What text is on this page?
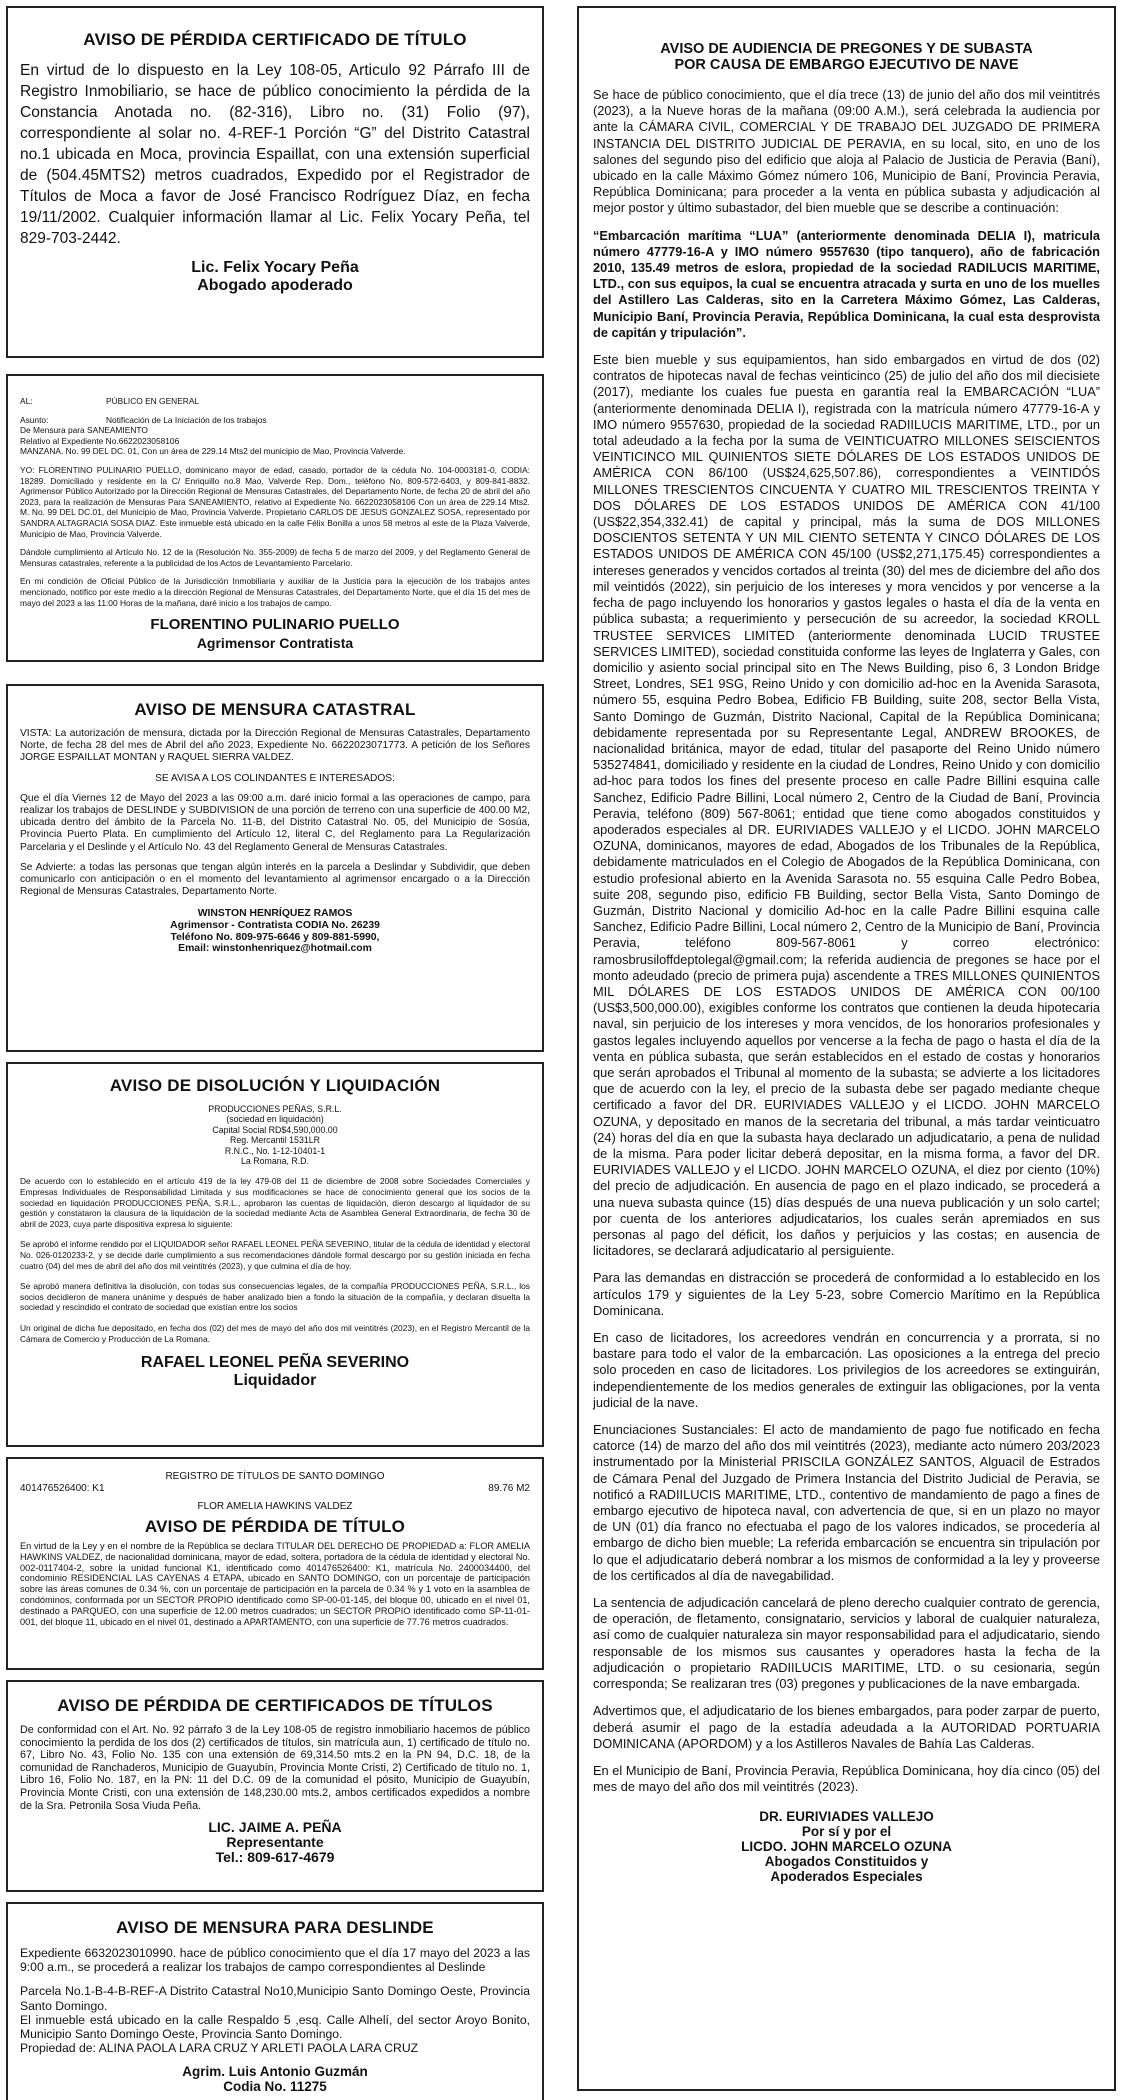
AVISO DE PÉRDIDA CERTIFICADO DE TÍTULO

En virtud de lo dispuesto en la Ley 108-05, Articulo 92 Párrafo III de Registro Inmobiliario, se hace de público conocimiento la pérdida de la Constancia Anotada no. (82-316), Libro no. (31) Folio (97), correspondiente al solar no. 4-REF-1 Porción “G” del Distrito Catastral no.1 ubicada en Moca, provincia Espaillat, con una extensión superficial de (504.45MTS2) metros cuadrados, Expedido por el Registrador de Títulos de Moca a favor de José Francisco Rodríguez Díaz, en fecha 19/11/2002. Cualquier información llamar al Lic. Felix Yocary Peña, tel 829-703-2442.

Lic. Felix Yocary Peña
Abogado apoderado
AL:	PÚBLICO EN GENERAL
Asunto:	Notificación de La Iniciación de los trabajos
De Mensura para SANEAMIENTO
Relativo al Expediente No.6622023058106
MANZANA. No. 99 DEL DC. 01, Con un área de 229.14 Mts2 del municipio de Mao, Provincia Valverde.

YO: FLORENTINO PULINARIO PUELLO, dominicano mayor de edad, casado, portador de la cédula No. 104-0003181-0, CODIA: 18289. Domiciliado y residente en la C/ Enriquillo no.8 Mao, Valverde Rep. Dom., teléfono No. 809-572-6403, y 809-841-8832. Agrimensor Público Autorizado por la Dirección Regional de Mensuras Catastrales, del Departamento Norte, de fecha 20 de abril del año 2023, para la realización de Mensuras Para SANEAMIENTO, relativo al Expediente No. 6622023058106 Con un área de 229.14 Mts2. M. No. 99 DEL DC.01, del Municipio de Mao, Provincia Valverde. Propietario CARLOS DE JESUS GONZALEZ SOSA, representado por SANDRA ALTAGRACIA SOSA DIAZ. Este inmueble está ubicado en la calle Félix Bonilla a unos 58 metros al este de la Plaza Valverde, Municipio de Mao, Provincia Valverde.

Dándole cumplimiento al Artículo No. 12 de la (Resolución No. 355-2009) de fecha 5 de marzo del 2009, y del Reglamento General de Mensuras catastrales, referente a la publicidad de los Actos de Levantamiento Parcelario.

En mi condición de Oficial Público de la Jurisdicción Inmobiliaria y auxiliar de la Justicia para la ejecución de los trabajos antes mencionado, notifico por este medio a la dirección Regional de Mensuras Catastrales, del Departamento Norte, que el día 15 del mes de mayo del 2023 a las 11:00 Horas de la mañana, daré inicio a los trabajos de campo.

FLORENTINO PULINARIO PUELLO
Agrimensor Contratista
AVISO DE MENSURA CATASTRAL

VISTA: La autorización de mensura, dictada por la Dirección Regional de Mensuras Catastrales, Departamento Norte, de fecha 28 del mes de Abril del año 2023, Expediente No. 6622023071773. A petición de los Señores JORGE ESPAILLAT MONTAN y RAQUEL SIERRA VALDEZ.

SE AVISA A LOS COLINDANTES E INTERESADOS:

Que el día Viernes 12 de Mayo del 2023 a las 09:00 a.m. daré inicio formal a las operaciones de campo, para realizar los trabajos de DESLINDE y SUBDIVISION de una porción de terreno con una superficie de 400.00 M2, ubicada dentro del ámbito de la Parcela No. 11-B, del Distrito Catastral No. 05, del Municipio de Sosúa, Provincia Puerto Plata. En cumplimiento del Artículo 12, literal C, del Reglamento para La Regularización Parcelaria y el Deslinde y el Artículo No. 43 del Reglamento General de Mensuras Catastrales.

Se Advierte: a todas las personas que tengan algún interés en la parcela a Deslindar y Subdividir, que deben comunicarlo con anticipación o en el momento del levantamiento al agrimensor encargado o a la Dirección Regional de Mensuras Catastrales, Departamento Norte.

WINSTON HENRÍQUEZ RAMOS
Agrimensor - Contratista CODIA No. 26239
Teléfono No. 809-975-6646 y 809-881-5990,
Email: winstonhenriquez@hotmail.com
AVISO DE DISOLUCIÓN Y LIQUIDACIÓN
PRODUCCIONES PEÑAS, S.R.L.
(sociedad en liquidación)
Capital Social RD$4,590,000.00
Reg. Mercantil 1531LR
R.N.C., No. 1-12-10401-1
La Romana, R.D.

De acuerdo con lo establecido en el artículo 419 de la ley 479-08 del 11 de diciembre de 2008 sobre Sociedades Comerciales y Empresas Individuales de Responsabilidad Limitada y sus modificaciones se hace de conocimiento general que los socios de la sociedad en liquidación PRODUCCIONES PEÑA, S.R.L., aprobaron las cuentas de liquidación, dieron descargo al liquidador de su gestión y constataron la clausura de la liquidación de la sociedad mediante Acta de Asamblea General Extraordinaria, de fecha 30 de abril de 2023, cuya parte dispositiva expresa lo siguiente:

Se aprobó el informe rendido por el LIQUIDADOR señor RAFAEL LEONEL PEÑA SEVERINO, titular de la cédula de identidad y electoral No. 026-0120233-2, y se decide darle cumplimiento a sus recomendaciones dándole formal descargo por su gestión iniciada en fecha cuatro (04) del mes de abril del año dos mil veintitrés (2023), y que culmina el día de hoy.

Se aprobó manera definitiva la disolución, con todas sus consecuencias legales, de la compañía PRODUCCIONES PEÑA, S.R.L., los socios decidieron de manera unánime y después de haber analizado bien a fondo la situación de la compañía, y declaran disuelta la sociedad y rescindido el contrato de sociedad que existían entre los socios

Un original de dicha fue depositado, en fecha dos (02) del mes de mayo del año dos mil veintitrés (2023), en el Registro Mercantil de la Cámara de Comercio y Producción de La Romana.

RAFAEL LEONEL PEÑA SEVERINO
Liquidador
REGISTRO DE TÍTULOS DE SANTO DOMINGO
401476526400: K1	89.76 M2
FLOR AMELIA HAWKINS VALDEZ
AVISO DE PÉRDIDA DE TÍTULO

En virtud de la Ley y en el nombre de la República se declara TITULAR DEL DERECHO DE PROPIEDAD a: FLOR AMELIA HAWKINS VALDEZ, de nacionalidad dominicana, mayor de edad, soltera, portadora de la cédula de identidad y electoral No. 002-0117404-2, sobre la unidad funcional K1, identificado como 401476526400: K1, matrícula No. 2400034400, del condominio RESIDENCIAL LAS CAYENAS 4 ETAPA, ubicado en SANTO DOMINGO, con un porcentaje de participación sobre las áreas comunes de 0.34 %, con un porcentaje de participación en la parcela de 0.34 % y 1 voto en la asamblea de condóminos, conformada por un SECTOR PROPIO identificado como SP-00-01-145, del bloque 00, ubicado en el nivel 01, destinado a PARQUEO, con una superficie de 12.00 metros cuadrados; un SECTOR PROPIO identificado como SP-11-01-001, del bloque 11, ubicado en el nivel 01, destinado a APARTAMENTO, con una superficie de 77.76 metros cuadrados.

AVISO DE PÉRDIDA DE CERTIFICADOS DE TÍTULOS

De conformidad con el Art. No. 92 párrafo 3 de la Ley 108-05 de registro inmobiliario hacemos de público conocimiento la perdida de los dos (2) certificados de títulos, sin matrícula aun, 1) certificado de título no. 67, Libro No. 43, Folio No. 135 con una extensión de 69,314.50 mts.2 en la PN 94, D.C. 18, de la comunidad de Ranchaderos, Municipio de Guayubín, Provincia Monte Cristi, 2) Certificado de título no. 1, Libro 16, Folio No. 187, en la PN: 11 del D.C. 09 de la comunidad el pósito, Municipio de Guayubín, Provincia Monte Cristi, con una extensión de 148,230.00 mts.2, ambos certificados expedidos a nombre de la Sra. Petronila Sosa Viuda Peña.

LIC. JAIME A. PEÑA
Representante
Tel.: 809-617-4679
AVISO DE MENSURA PARA DESLINDE

Expediente 6632023010990. hace de público conocimiento que el día 17 mayo del 2023 a las 9:00 a.m., se procederá a realizar los trabajos de campo correspondientes al Deslinde

Parcela No.1-B-4-B-REF-A Distrito Catastral No10,Municipio Santo Domingo Oeste, Provincia Santo Domingo.

El inmueble está ubicado en la calle Respaldo 5 ,esq. Calle Alhelí, del sector Aroyo Bonito, Municipio Santo Domingo Oeste, Provincia Santo Domingo.

Propiedad de: ALINA PAOLA LARA CRUZ Y ARLETI PAOLA LARA CRUZ

Agrim. Luis Antonio Guzmán
Codia No. 11275
AVISO DE AUDIENCIA DE PREGONES Y DE SUBASTA
POR CAUSA DE EMBARGO EJECUTIVO DE NAVE

Se hace de público conocimiento, que el día trece (13) de junio del año dos mil veintitrés (2023), a la Nueve horas de la mañana (09:00 A.M.), será celebrada la audiencia por ante la CÁMARA CIVIL, COMERCIAL Y DE TRABAJO DEL JUZGADO DE PRIMERA INSTANCIA DEL DISTRITO JUDICIAL DE PERAVIA, en su local, sito, en uno de los salones del segundo piso del edificio que aloja al Palacio de Justicia de Peravia (Baní), ubicado en la calle Máximo Gómez número 106, Municipio de Baní, Provincia Peravia, República Dominicana; para proceder a la venta en pública subasta y adjudicación al mejor postor y último subastador, del bien mueble que se describe a continuación:

“Embarcación marítima “LUA” (anteriormente denominada DELIA I), matricula número 47779-16-A y IMO número 9557630 (tipo tanquero), año de fabricación 2010, 135.49 metros de eslora, propiedad de la sociedad RADILUCIS MARITIME, LTD., con sus equipos, la cual se encuentra atracada y surta en uno de los muelles del Astillero Las Calderas, sito en la Carretera Máximo Gómez, Las Calderas, Municipio Baní, Provincia Peravia, República Dominicana, la cual esta desprovista de capitán y tripulación”.

Este bien mueble y sus equipamientos, han sido embargados en virtud de dos (02) contratos de hipotecas naval de fechas veinticinco (25) de julio del año dos mil diecisiete (2017), mediante los cuales fue puesta en garantía real la EMBARCACIÓN “LUA” (anteriormente denominada DELIA I), registrada con la matrícula número 47779-16-A y IMO número 9557630, propiedad de la sociedad RADIILUCIS MARITIME, LTD., por un total adeudado a la fecha por la suma de VEINTICUATRO MILLONES SEISCIENTOS VEINTICINCO MIL QUINIENTOS SIETE DÓLARES DE LOS ESTADOS UNIDOS DE AMÉRICA CON 86/100 (US$24,625,507.86), correspondientes a VEINTIDÓS MILLONES TRESCIENTOS CINCUENTA Y CUATRO MIL TRESCIENTOS TREINTA Y DOS DÓLARES DE LOS ESTADOS UNIDOS DE AMÉRICA CON 41/100 (US$22,354,332.41) de capital y principal, más la suma de DOS MILLONES DOSCIENTOS SETENTA Y UN MIL CIENTO SETENTA Y CINCO DÓLARES DE LOS ESTADOS UNIDOS DE AMÉRICA CON 45/100 (US$2,271,175.45) correspondientes a intereses generados y vencidos cortados al treinta (30) del mes de diciembre del año dos mil veintidós (2022), sin perjuicio de los intereses y mora vencidos y por vencerse a la fecha de pago incluyendo los honorarios y gastos legales o hasta el día de la venta en pública subasta; a requerimiento y persecución de su acreedor, la sociedad KROLL TRUSTEE SERVICES LIMITED (anteriormente denominada LUCID TRUSTEE SERVICES LIMITED), sociedad constituida conforme las leyes de Inglaterra y Gales, con domicilio y asiento social principal sito en The News Building, piso 6, 3 London Bridge Street, Londres, SE1 9SG, Reino Unido y con domicilio ad-hoc en la Avenida Sarasota, número 55, esquina Pedro Bobea, Edificio FB Building, suite 208, sector Bella Vista, Santo Domingo de Guzmán, Distrito Nacional, Capital de la República Dominicana; debidamente representada por su Representante Legal, ANDREW BROOKES, de nacionalidad británica, mayor de edad, titular del pasaporte del Reino Unido número 535274841, domiciliado y residente en la ciudad de Londres, Reino Unido y con domicilio ad-hoc para todos los fines del presente proceso en calle Padre Billini esquina calle Sanchez, Edificio Padre Billini, Local número 2, Centro de la Ciudad de Baní, Provincia Peravia, teléfono (809) 567-8061; entidad que tiene como abogados constituidos y apoderados especiales al DR. EURIVIADES VALLEJO y el LICDO. JOHN MARCELO OZUNA, dominicanos, mayores de edad, Abogados de los Tribunales de la República, debidamente matriculados en el Colegio de Abogados de la República Dominicana, con estudio profesional abierto en la Avenida Sarasota no. 55 esquina Calle Pedro Bobea, suite 208, segundo piso, edificio FB Building, sector Bella Vista, Santo Domingo de Guzmán, Distrito Nacional y domicilio Ad-hoc en la calle Padre Billini esquina calle Sanchez, Edificio Padre Billini, Local número 2, Centro de la Municipio de Baní, Provincia Peravia, teléfono 809-567-8061 y correo electrónico: ramosbrusiloffdeptolegal@gmail.com; la referida audiencia de pregones se hace por el monto adeudado (precio de primera puja) ascendente a TRES MILLONES QUINIENTOS MIL DÓLARES DE LOS ESTADOS UNIDOS DE AMÉRICA CON 00/100 (US$3,500,000.00), exigibles conforme los contratos que contienen la deuda hipotecaria naval, sin perjuicio de los intereses y mora vencidos, de los honorarios profesionales y gastos legales incluyendo aquellos por vencerse a la fecha de pago o hasta el día de la venta en pública subasta, que serán establecidos en el estado de costas y honorarios que serán aprobados el Tribunal al momento de la subasta; se advierte a los licitadores que de acuerdo con la ley, el precio de la subasta debe ser pagado mediante cheque certificado a favor del DR. EURIVIADES VALLEJO y el LICDO. JOHN MARCELO OZUNA, y depositado en manos de la secretaria del tribunal, a más tardar veinticuatro (24) horas del día en que la subasta haya declarado un adjudicatario, a pena de nulidad de la misma. Para poder licitar deberá depositar, en la misma forma, a favor del DR. EURIVIADES VALLEJO y el LICDO. JOHN MARCELO OZUNA, el diez por ciento (10%) del precio de adjudicación. En ausencia de pago en el plazo indicado, se procederá a una nueva subasta quince (15) días después de una nueva publicación y un solo cartel; por cuenta de los anteriores adjudicatarios, los cuales serán apremiados en sus personas al pago del déficit, los daños y perjuicios y las costas; en ausencia de licitadores, se declarará adjudicatario al persiguiente.

Para las demandas en distracción se procederá de conformidad a lo establecido en los artículos 179 y siguientes de la Ley 5-23, sobre Comercio Marítimo en la República Dominicana.

En caso de licitadores, los acreedores vendrán en concurrencia y a prorrata, si no bastare para todo el valor de la embarcación. Las oposiciones a la entrega del precio solo proceden en caso de licitadores. Los privilegios de los acreedores se extinguirán, independientemente de los medios generales de extinguir las obligaciones, por la venta judicial de la nave.

Enunciaciones Sustanciales: El acto de mandamiento de pago fue notificado en fecha catorce (14) de marzo del año dos mil veintitrés (2023), mediante acto número 203/2023 instrumentado por la Ministerial PRISCILA GONZÁLEZ SANTOS, Alguacil de Estrados de Cámara Penal del Juzgado de Primera Instancia del Distrito Judicial de Peravia, se notificó a RADIILUCIS MARITIME, LTD., contentivo de mandamiento de pago a fines de embargo ejecutivo de hipoteca naval, con advertencia de que, si en un plazo no mayor de UN (01) día franco no efectuaba el pago de los valores indicados, se procedería al embargo de dicho bien mueble; La referida embarcación se encuentra sin tripulación por lo que el adjudicatario deberá nombrar a los mismos de conformidad a la ley y proveerse de los certificados al día de navegabilidad.

La sentencia de adjudicación cancelará de pleno derecho cualquier contrato de gerencia, de operación, de fletamento, consignatario, servicios y laboral de cualquier naturaleza, así como de cualquier naturaleza sin mayor responsabilidad para el adjudicatario, siendo responsable de los mismos sus causantes y operadores hasta la fecha de la adjudicación o propietario RADIILUCIS MARITIME, LTD. o su cesionaria, según corresponda; Se realizaran tres (03) pregones y publicaciones de la nave embargada.

Advertimos que, el adjudicatario de los bienes embargados, para poder zarpar de puerto, deberá asumir el pago de la estadía adeudada a la AUTORIDAD PORTUARIA DOMINICANA (APORDOM) y a los Astilleros Navales de Bahía Las Calderas.

En el Municipio de Baní, Provincia Peravia, República Dominicana, hoy día cinco (05) del mes de mayo del año dos mil veintitrés (2023).

DR. EURIVIADES VALLEJO
Por sí y por el
LICDO. JOHN MARCELO OZUNA
Abogados Constituidos y
Apoderados Especiales
